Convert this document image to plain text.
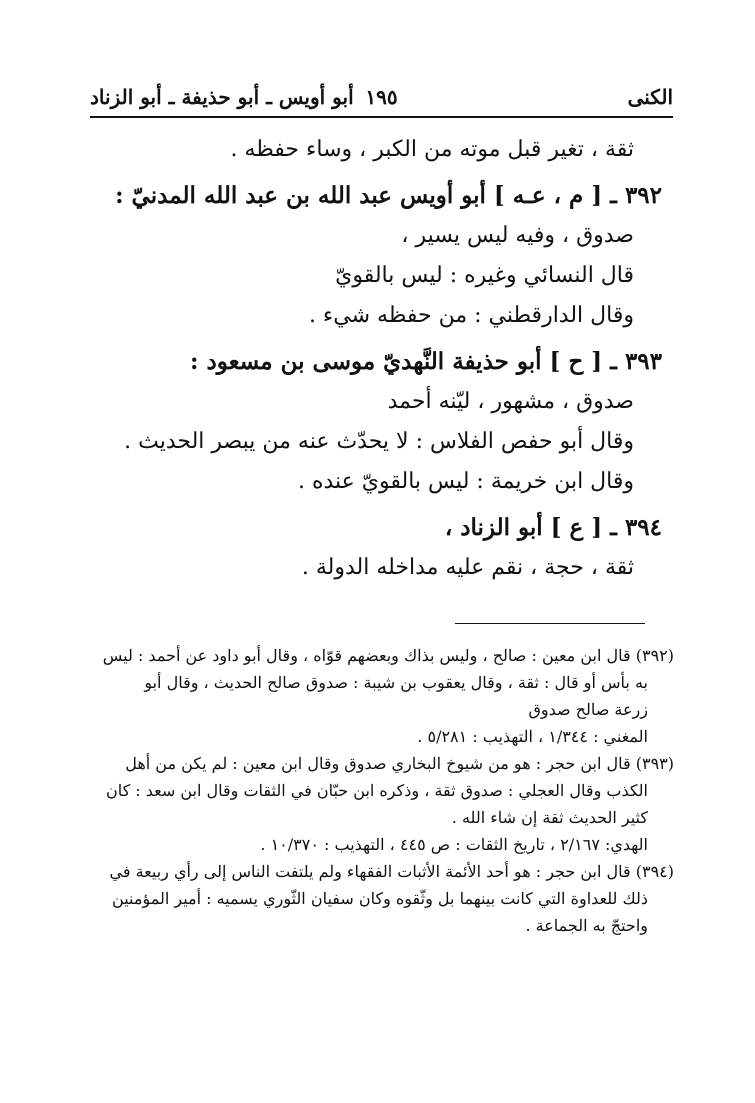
الكنى
١٩٥
أبو أويس ـ أبو حذيفة ـ أبو الزناد
ثقة ، تغير قبل موته من الكبر ، وساء حفظه .
٣٩٢ ـ [ م ، عـه ] أبو أويس عبد الله بن عبد الله المدنيّ :
صدوق ، وفيه ليس يسير ،
قال النسائي وغيره : ليس بالقويّ
وقال الدارقطني : من حفظه شيء .
٣٩٣ ـ [ ح ] أبو حذيفة النَّهديّ موسى بن مسعود :
صدوق ، مشهور ، ليّنه أحمد
وقال أبو حفص الفلاس : لا يحدّث عنه من يبصر الحديث .
وقال ابن خريمة : ليس بالقويّ عنده .
٣٩٤ ـ [ ع ] أبو الزناد ،
ثقة ، حجة ، نقم عليه مداخله الدولة .
(٣٩٢) قال ابن معين : صالح ، وليس بذاك وبعضهم قوّاه ، وقال أبو داود عن أحمد : ليس
به بأس أو قال : ثقة ، وقال يعقوب بن شيبة : صدوق صالح الحديث ، وقال أبو
زرعة صالح صدوق
المغني : ١/٣٤٤ ، التهذيب : ٥/٢٨١ .
(٣٩٣) قال ابن حجر : هو من شيوخ البخاري صدوق وقال ابن معين : لم يكن من أهل
الكذب وقال العجلي : صدوق ثقة ، وذكره ابن حبّان في الثقات وقال ابن سعد : كان
كثير الحديث ثقة إن شاء الله .
الهدي: ٢/١٦٧ ، تاريخ الثقات : ص ٤٤٥ ، التهذيب : ١٠/٣٧٠ .
(٣٩٤) قال ابن حجر : هو أحد الأئمة الأثبات الفقهاء ولم يلتفت الناس إلى رأي ربيعة في
ذلك للعداوة التي كانت بينهما بل وثّقوه وكان سفيان الثّوري يسميه : أمير المؤمنين
واحتجّ به الجماعة .
